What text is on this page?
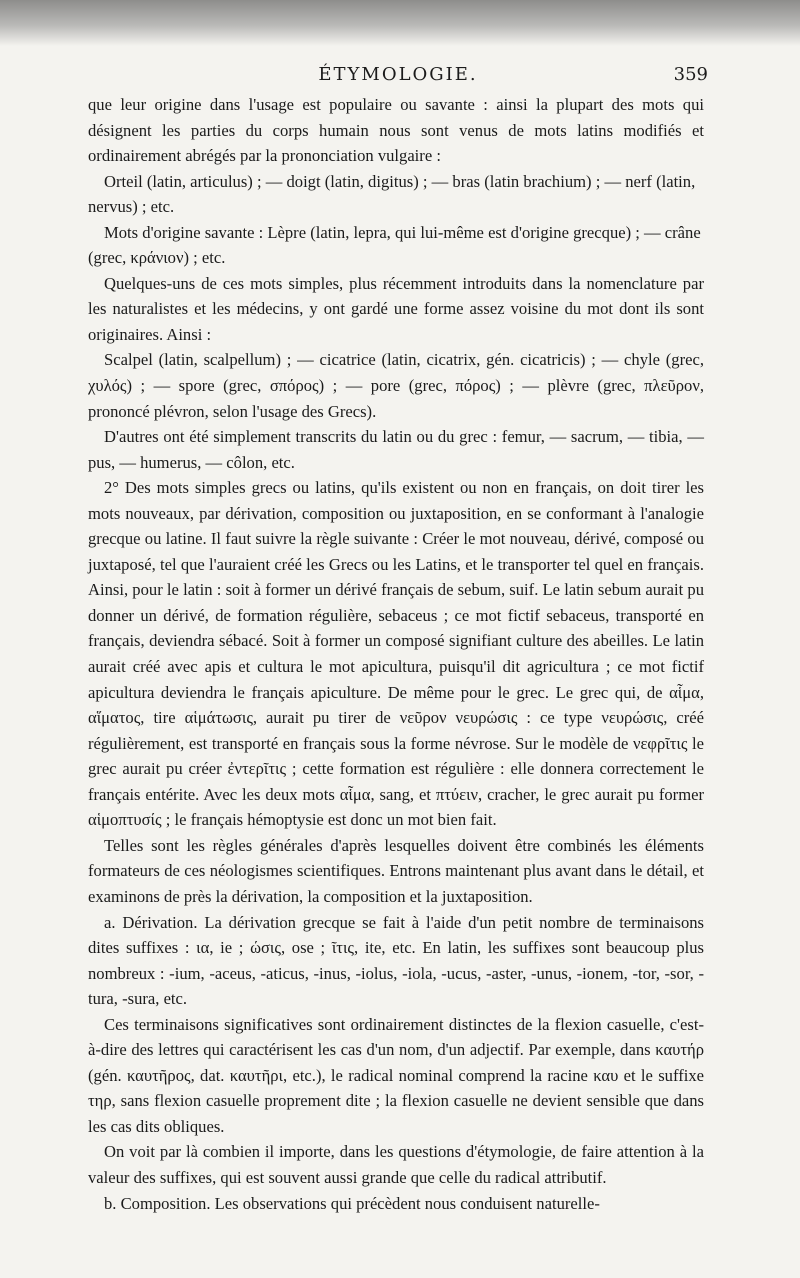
ÉTYMOLOGIE.	359

que leur origine dans l'usage est populaire ou savante : ainsi la plupart des mots qui désignent les parties du corps humain nous sont venus de mots latins modifiés et ordinairement abrégés par la prononciation vulgaire :

Orteil (latin, articulus) ; — doigt (latin, digitus) ; — bras (latin brachium) ; — nerf (latin, nervus) ; etc.

Mots d'origine savante : Lèpre (latin, lepra, qui lui-même est d'origine grecque) ; — crâne (grec, κράνιον) ; etc.

Quelques-uns de ces mots simples, plus récemment introduits dans la nomenclature par les naturalistes et les médecins, y ont gardé une forme assez voisine du mot dont ils sont originaires. Ainsi :

Scalpel (latin, scalpellum) ; — cicatrice (latin, cicatrix, gén. cicatricis) ; — chyle (grec, χυλός) ; — spore (grec, σπόρος) ; — pore (grec, πόρος) ; — plèvre (grec, πλεῦρον, prononcé plévron, selon l'usage des Grecs).

D'autres ont été simplement transcrits du latin ou du grec : femur, — sacrum, — tibia, — pus, — humerus, — côlon, etc.

2° Des mots simples grecs ou latins, qu'ils existent ou non en français, on doit tirer les mots nouveaux, par dérivation, composition ou juxtaposition, en se conformant à l'analogie grecque ou latine. Il faut suivre la règle suivante : Créer le mot nouveau, dérivé, composé ou juxtaposé, tel que l'auraient créé les Grecs ou les Latins, et le transporter tel quel en français. Ainsi, pour le latin : soit à former un dérivé français de sebum, suif. Le latin sebum aurait pu donner un dérivé, de formation régulière, sebaceus ; ce mot fictif sebaceus, transporté en français, deviendra sébacé. Soit à former un composé signifiant culture des abeilles. Le latin aurait créé avec apis et cultura le mot apicultura, puisqu'il dit agricultura ; ce mot fictif apicultura deviendra le français apiculture. De même pour le grec. Le grec qui, de αἷμα, αἵματος, tire αἱμάτωσις, aurait pu tirer de νεῦρον νευρώσις : ce type νευρώσις, créé régulièrement, est transporté en français sous la forme névrose. Sur le modèle de νεφρῖτις le grec aurait pu créer ἐντερῖτις ; cette formation est régulière : elle donnera correctement le français entérite. Avec les deux mots αἷμα, sang, et πτύειν, cracher, le grec aurait pu former αἱμοπτυσίς ; le français hémoptysie est donc un mot bien fait.

Telles sont les règles générales d'après lesquelles doivent être combinés les éléments formateurs de ces néologismes scientifiques. Entrons maintenant plus avant dans le détail, et examinons de près la dérivation, la composition et la juxtaposition.

a. Dérivation. La dérivation grecque se fait à l'aide d'un petit nombre de terminaisons dites suffixes : ια, ie ; ώσις, ose ; ῖτις, ite, etc. En latin, les suffixes sont beaucoup plus nombreux : -ium, -aceus, -aticus, -inus, -iolus, -iola, -ucus, -aster, -unus, -ionem, -tor, -sor, -tura, -sura, etc.

Ces terminaisons significatives sont ordinairement distinctes de la flexion casuelle, c'est-à-dire des lettres qui caractérisent les cas d'un nom, d'un adjectif. Par exemple, dans καυτήρ (gén. καυτῆρος, dat. καυτῆρι, etc.), le radical nominal comprend la racine καυ et le suffixe τηρ, sans flexion casuelle proprement dite ; la flexion casuelle ne devient sensible que dans les cas dits obliques.

On voit par là combien il importe, dans les questions d'étymologie, de faire attention à la valeur des suffixes, qui est souvent aussi grande que celle du radical attributif.

b. Composition. Les observations qui précèdent nous conduisent naturelle-
